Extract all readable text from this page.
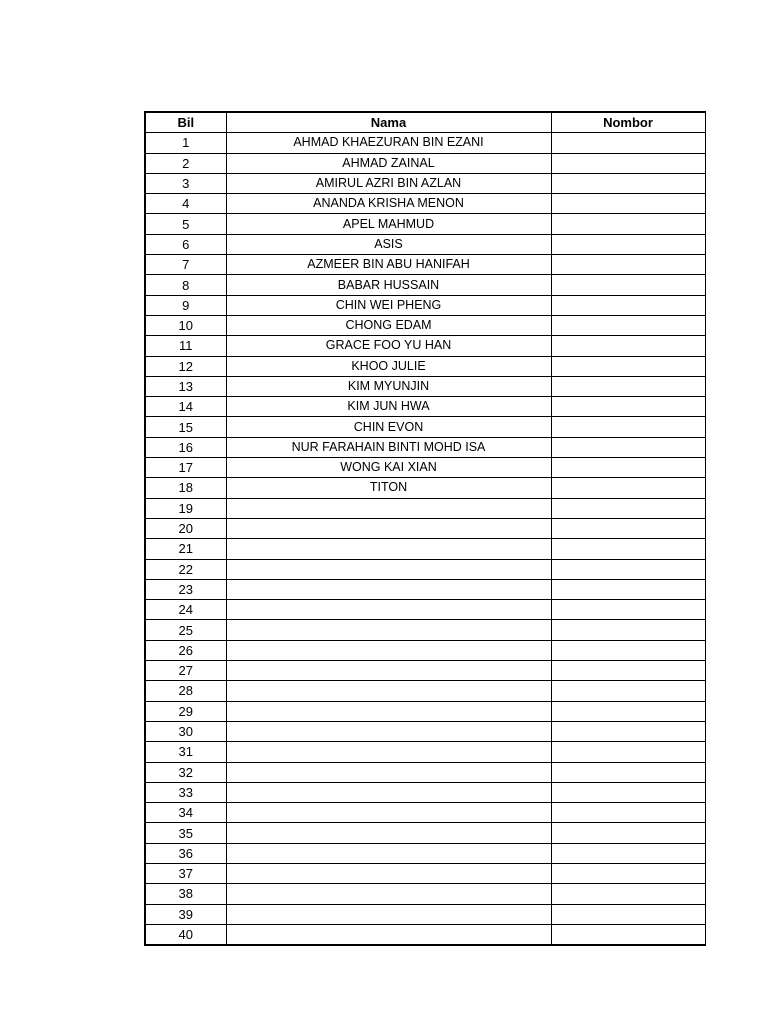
Bil	Nama	Nombor
1	AHMAD KHAEZURAN BIN EZANI	
2	AHMAD ZAINAL	
3	AMIRUL AZRI BIN AZLAN	
4	ANANDA KRISHA MENON	
5	APEL MAHMUD	
6	ASIS	
7	AZMEER BIN ABU HANIFAH	
8	BABAR HUSSAIN	
9	CHIN WEI PHENG	
10	CHONG EDAM	
11	GRACE FOO YU HAN	
12	KHOO JULIE	
13	KIM MYUNJIN	
14	KIM JUN HWA	
15	CHIN EVON	
16	NUR FARAHAIN BINTI MOHD ISA	
17	WONG KAI XIAN	
18	TITON	
19		
20		
21		
22		
23		
24		
25		
26		
27		
28		
29		
30		
31		
32		
33		
34		
35		
36		
37		
38		
39		
40		
